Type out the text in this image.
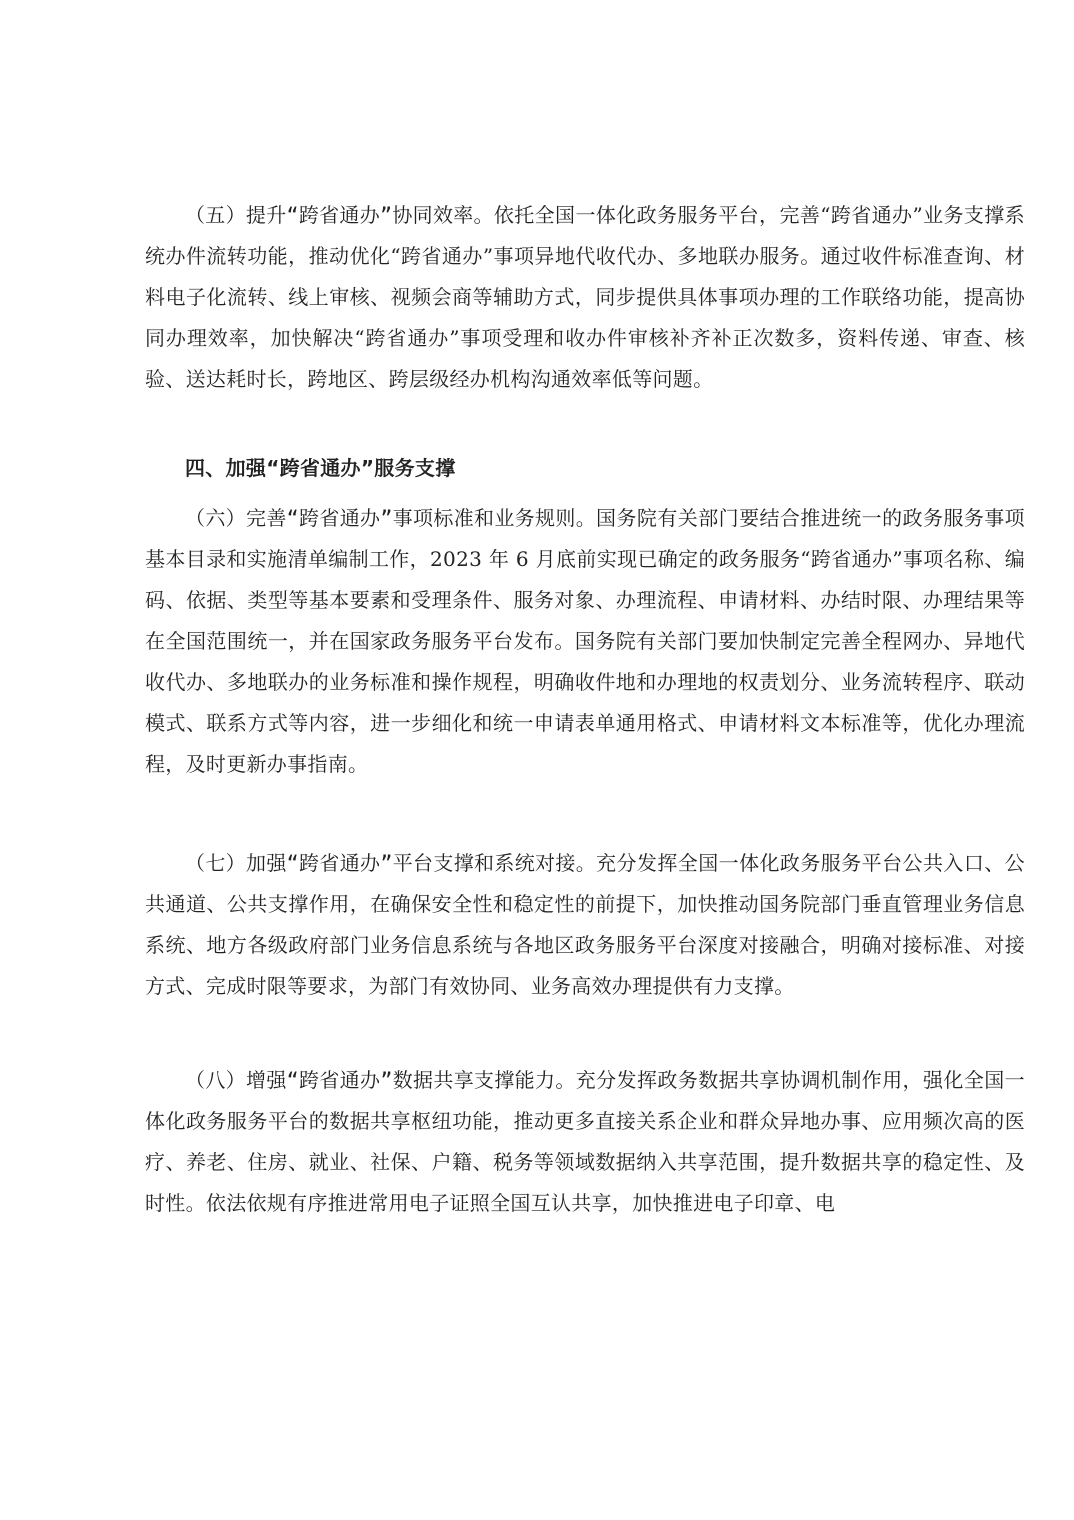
（五）提升“跨省通办”协同效率。依托全国一体化政务服务平台，完善“跨省通办”业务支撑系统办件流转功能，推动优化“跨省通办”事项异地代收代办、多地联办服务。通过收件标准查询、材料电子化流转、线上审核、视频会商等辅助方式，同步提供具体事项办理的工作联络功能，提高协同办理效率，加快解决“跨省通办”事项受理和收办件审核补齐补正次数多，资料传递、审查、核验、送达耗时长，跨地区、跨层级经办机构沟通效率低等问题。

四、加强“跨省通办”服务支撑

（六）完善“跨省通办”事项标准和业务规则。国务院有关部门要结合推进统一的政务服务事项基本目录和实施清单编制工作，2023 年 6 月底前实现已确定的政务服务“跨省通办”事项名称、编码、依据、类型等基本要素和受理条件、服务对象、办理流程、申请材料、办结时限、办理结果等在全国范围统一，并在国家政务服务平台发布。国务院有关部门要加快制定完善全程网办、异地代收代办、多地联办的业务标准和操作规程，明确收件地和办理地的权责划分、业务流转程序、联动模式、联系方式等内容，进一步细化和统一申请表单通用格式、申请材料文本标准等，优化办理流程，及时更新办事指南。

（七）加强“跨省通办”平台支撑和系统对接。充分发挥全国一体化政务服务平台公共入口、公共通道、公共支撑作用，在确保安全性和稳定性的前提下，加快推动国务院部门垂直管理业务信息系统、地方各级政府部门业务信息系统与各地区政务服务平台深度对接融合，明确对接标准、对接方式、完成时限等要求，为部门有效协同、业务高效办理提供有力支撑。

（八）增强“跨省通办”数据共享支撑能力。充分发挥政务数据共享协调机制作用，强化全国一体化政务服务平台的数据共享枢纽功能，推动更多直接关系企业和群众异地办事、应用频次高的医疗、养老、住房、就业、社保、户籍、税务等领域数据纳入共享范围，提升数据共享的稳定性、及时性。依法依规有序推进常用电子证照全国互认共享，加快推进电子印章、电
